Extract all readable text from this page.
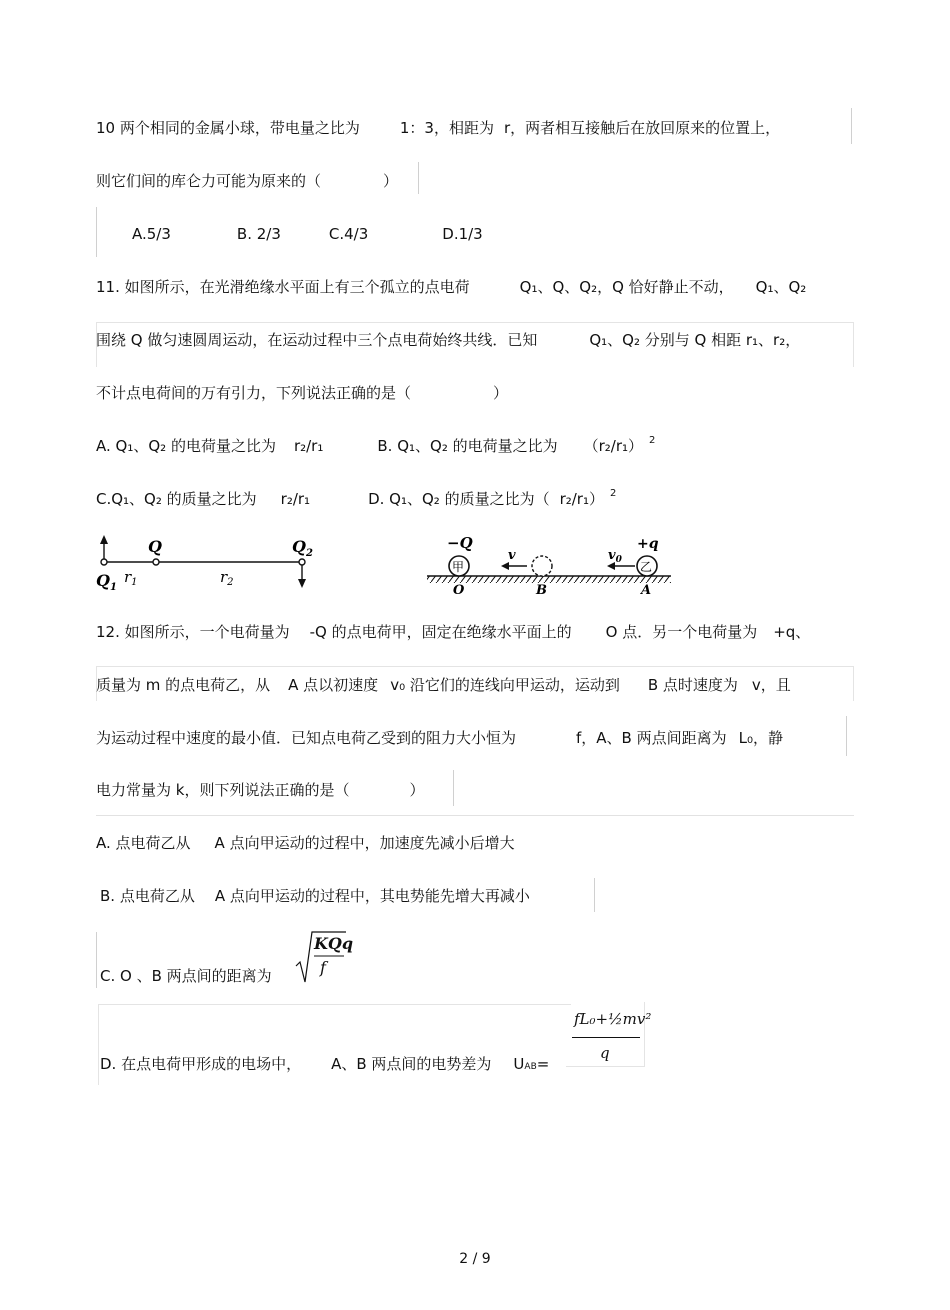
10 两个相同的金属小球，带电量之比为	1：3，相距为 r，两者相互接触后在放回原来的位置上，
则它们间的库仑力可能为原来的（	）
A.5/3	B. 2/3	C.4/3	D.1/3
11. 如图所示，在光滑绝缘水平面上有三个孤立的点电荷	Q₁、Q、Q₂，Q 恰好静止不动， Q₁、Q₂
围绕 Q 做匀速圆周运动，在运动过程中三个点电荷始终共线．已知	Q₁、Q₂ 分别与 Q 相距 r₁、r₂，
不计点电荷间的万有引力，下列说法正确的是（	）
A. Q₁、Q₂ 的电荷量之比为 r₂/r₁	B. Q₁、Q₂ 的电荷量之比为 （r₂/r₁） $^2$
C.Q₁、Q₂ 的质量之比为 r₂/r₁	D. Q₁、Q₂ 的质量之比为（ r₂/r₁） $^2$
Q	$Q_2$
$Q_1$
$r_1$	$r_2$
甲	乙
−Q	+q
v	$v_0$
O	B	A
12. 如图所示，一个电荷量为 -Q 的点电荷甲，固定在绝缘水平面上的 O 点．另一个电荷量为 +q、
质量为 m 的点电荷乙，从 A 点以初速度 v₀ 沿它们的连线向甲运动，运动到 B 点时速度为 v，且
为运动过程中速度的最小值．已知点电荷乙受到的阻力大小恒为	f，A、B 两点间距离为 L₀，静
电力常量为 k，则下列说法正确的是（	）
A. 点电荷乙从 A 点向甲运动的过程中，加速度先减小后增大
B. 点电荷乙从 A 点向甲运动的过程中，其电势能先增大再减小
C. O 、B 两点间的距离为
KQq
f
D. 在点电荷甲形成的电场中， A、B 两点间的电势差为 UAB=
fL₀+½mv²
q
2 / 9
